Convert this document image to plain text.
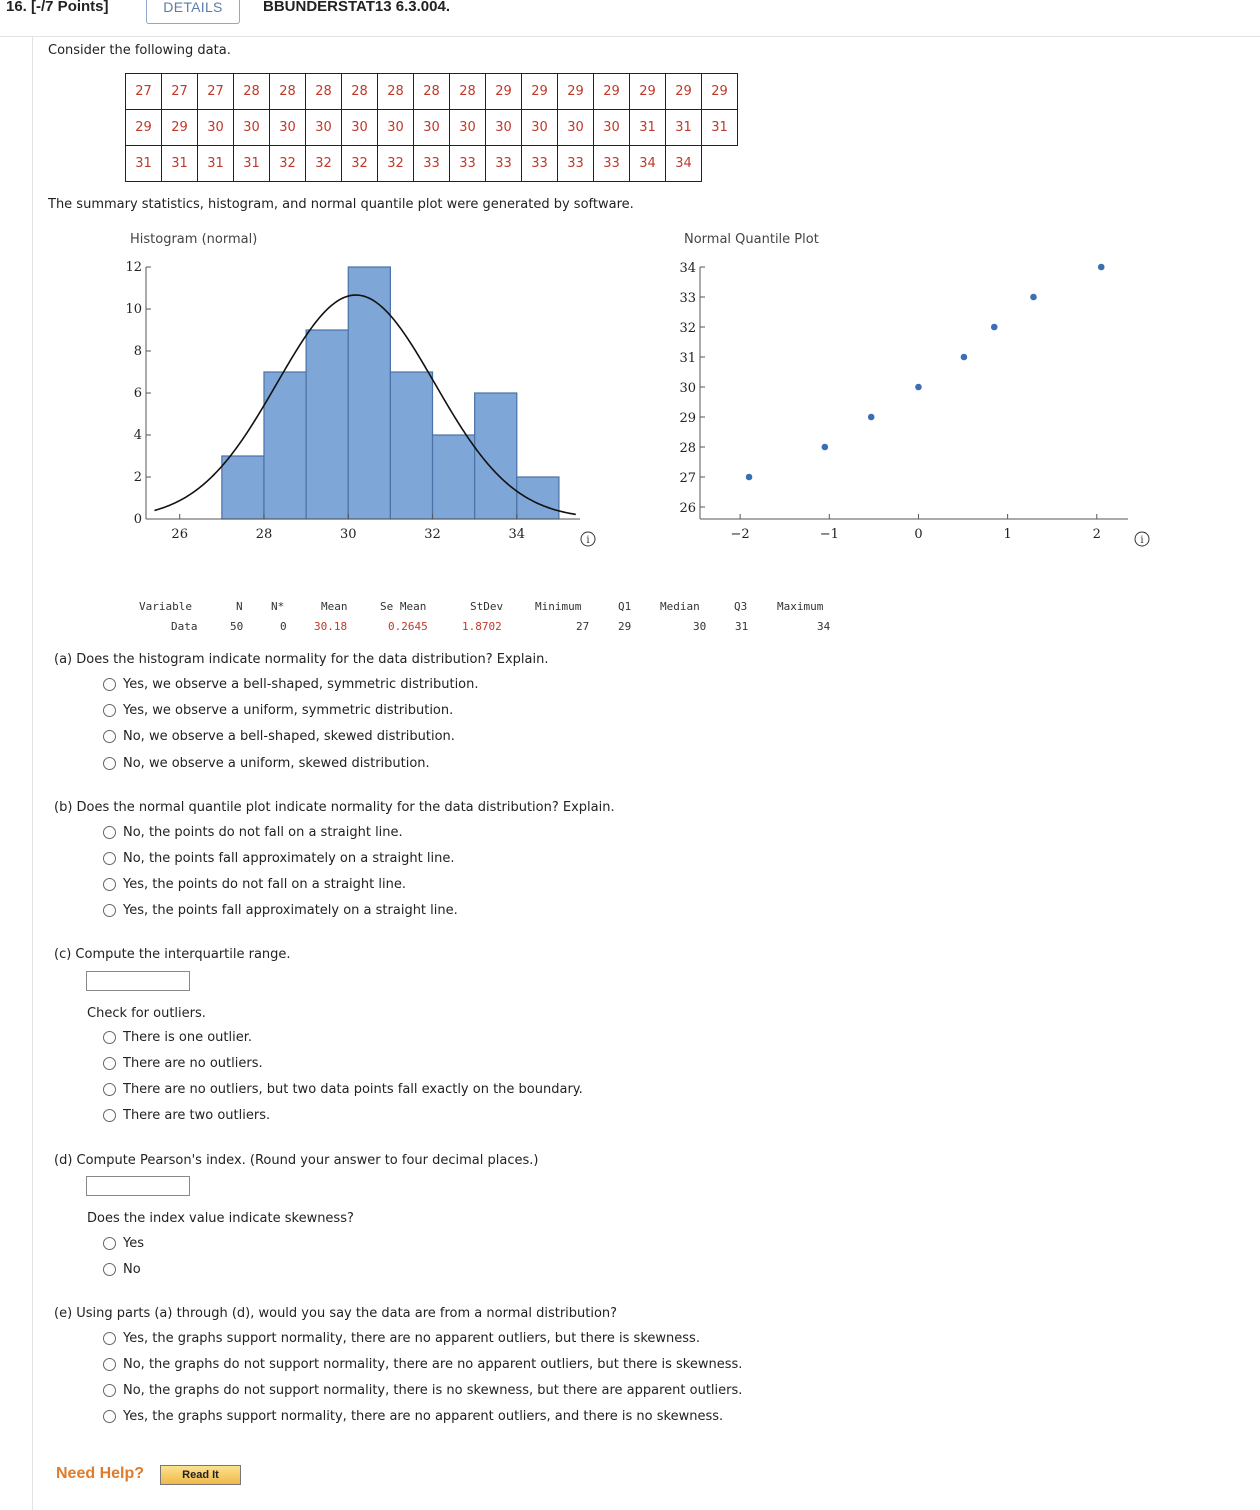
16. [-/7 Points]	DETAILS	BBUNDERSTAT13 6.3.004.
Consider the following data.
27	27	27	28	28	28	28	28	28	28	29	29	29	29	29	29	29
29	29	30	30	30	30	30	30	30	30	30	30	30	30	31	31	31
31	31	31	31	32	32	32	32	33	33	33	33	33	33	34	34	
The summary statistics, histogram, and normal quantile plot were generated by software.
Histogram (normal)
0
2
4
6
8
10
12
26	28	30	32	34	i
Normal Quantile Plot
26
27
28
29
30
31
32
33
34
−2	−1	0	1	2	i
Variable	N	N*	Mean	Se Mean	StDev	Minimum	Q1	Median	Q3	Maximum
Data	50	0 30.18	0.2645	1.8702	27	29	30	31	34
(a) Does the histogram indicate normality for the data distribution? Explain.
Yes, we observe a bell-shaped, symmetric distribution.
Yes, we observe a uniform, symmetric distribution.
No, we observe a bell-shaped, skewed distribution.
No, we observe a uniform, skewed distribution.
(b) Does the normal quantile plot indicate normality for the data distribution? Explain.
No, the points do not fall on a straight line.
No, the points fall approximately on a straight line.
Yes, the points do not fall on a straight line.
Yes, the points fall approximately on a straight line.
(c) Compute the interquartile range.
Check for outliers.
There is one outlier.
There are no outliers.
There are no outliers, but two data points fall exactly on the boundary.
There are two outliers.
(d) Compute Pearson's index. (Round your answer to four decimal places.)
Does the index value indicate skewness?
Yes
No
(e) Using parts (a) through (d), would you say the data are from a normal distribution?
Yes, the graphs support normality, there are no apparent outliers, but there is skewness.
No, the graphs do not support normality, there are no apparent outliers, but there is skewness.
No, the graphs do not support normality, there is no skewness, but there are apparent outliers.
Yes, the graphs support normality, there are no apparent outliers, and there is no skewness.
Need Help?	Read It
